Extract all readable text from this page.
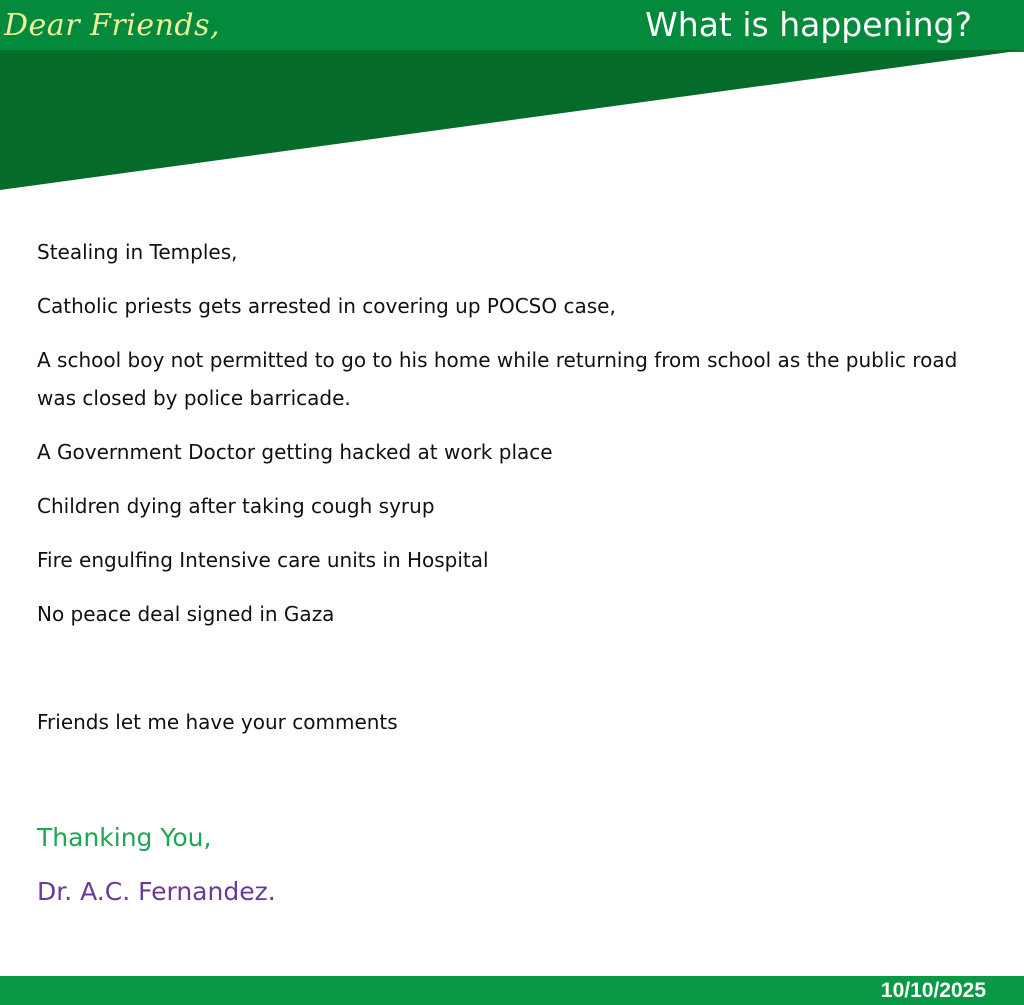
Dear Friends,	What is happening?

Stealing in Temples,

Catholic priests gets arrested in covering up POCSO case,

A school boy not permitted to go to his home while returning from school as the public road was closed by police barricade.

A Government Doctor getting hacked at work place

Children dying after taking cough syrup

Fire engulfing Intensive care units in Hospital

No peace deal signed in Gaza

Friends let me have your comments

Thanking You,

Dr. A.C. Fernandez.

10/10/2025
